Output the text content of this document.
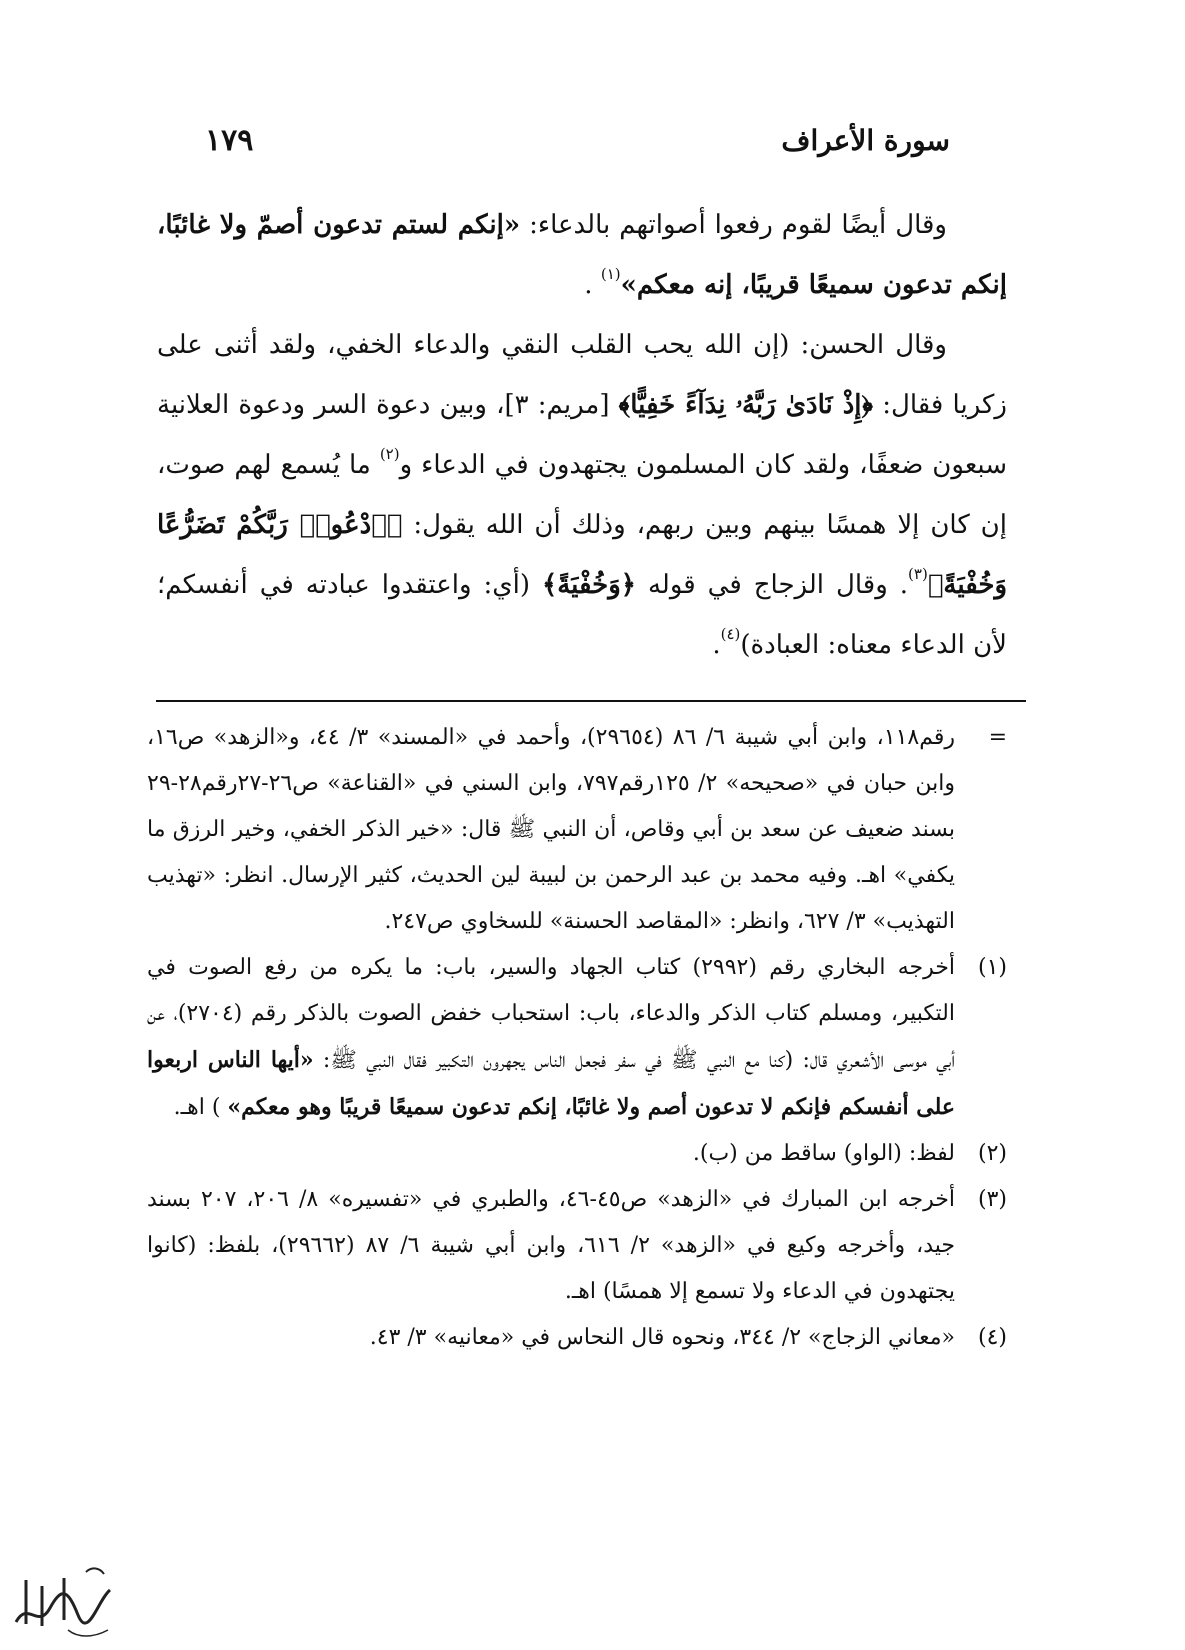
سورة الأعراف
١٧٩

وقال أيضًا لقوم رفعوا أصواتهم بالدعاء: «إنكم لستم تدعون أصمّ ولا غائبًا، إنكم تدعون سميعًا قريبًا، إنه معكم»$^{(١)}$ .

وقال الحسن: (إن الله يحب القلب النقي والدعاء الخفي، ولقد أثنى على زكريا فقال: ﴿إِذْ نَادَىٰ رَبَّهُۥ نِدَآءً خَفِيًّا﴾ [مريم: ٣]، وبين دعوة السر ودعوة العلانية سبعون ضعفًا، ولقد كان المسلمون يجتهدون في الدعاء و$^{(٢)}$ ما يُسمع لهم صوت، إن كان إلا همسًا بينهم وبين ربهم، وذلك أن الله يقول: ﴿ٱدْعُوا۟ رَبَّكُمْ تَضَرُّعًا وَخُفْيَةً﴾$^{(٣)}$. وقال الزجاج في قوله ﴿وَخُفْيَةً﴾ (أي: واعتقدوا عبادته في أنفسكم؛ لأن الدعاء معناه: العبادة)$^{(٤)}$.

=
رقم١١٨، وابن أبي شيبة ٦/ ٨٦ (٢٩٦٥٤)، وأحمد في «المسند» ٣/ ٤٤، و«الزهد» ص١٦، وابن حبان في «صحيحه» ٢/ ١٢٥رقم٧٩٧، وابن السني في «القناعة» ص٢٦-٢٧رقم٢٨-٢٩ بسند ضعيف عن سعد بن أبي وقاص، أن النبي ﷺ قال: «خير الذكر الخفي، وخير الرزق ما يكفي» اهـ. وفيه محمد بن عبد الرحمن بن لبيبة لين الحديث، كثير الإرسال. انظر: «تهذيب التهذيب» ٣/ ٦٢٧، وانظر: «المقاصد الحسنة» للسخاوي ص٢٤٧.

(١)
أخرجه البخاري رقم (٢٩٩٢) كتاب الجهاد والسير، باب: ما يكره من رفع الصوت في التكبير، ومسلم كتاب الذكر والدعاء، باب: استحباب خفض الصوت بالذكر رقم (٢٧٠٤)، عن أبي موسى الأشعري قال: (كنا مع النبي ﷺ في سفر فجعل الناس يجهرون التكبير فقال النبي ﷺ: «أيها الناس اربعوا على أنفسكم فإنكم لا تدعون أصم ولا غائبًا، إنكم تدعون سميعًا قريبًا وهو معكم» ) اهـ.

(٢)
لفظ: (الواو) ساقط من (ب).

(٣)
أخرجه ابن المبارك في «الزهد» ص٤٥-٤٦، والطبري في «تفسيره» ٨/ ٢٠٦، ٢٠٧ بسند جيد، وأخرجه وكيع في «الزهد» ٢/ ٦١٦، وابن أبي شيبة ٦/ ٨٧ (٢٩٦٦٢)، بلفظ: (كانوا يجتهدون في الدعاء ولا تسمع إلا همسًا) اهـ.

(٤)
«معاني الزجاج» ٢/ ٣٤٤، ونحوه قال النحاس في «معانيه» ٣/ ٤٣.
